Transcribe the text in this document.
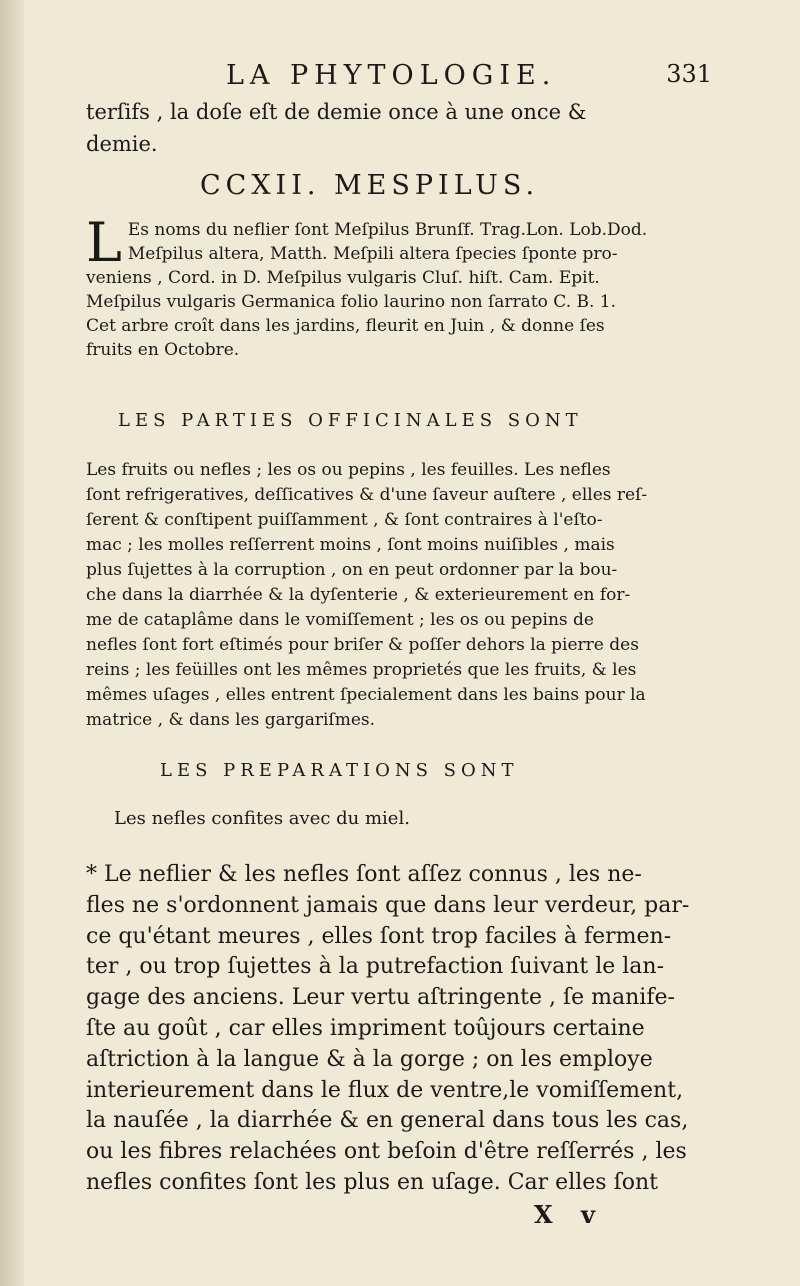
LA PHYTOLOGIE.	331
terſifs , la doſe eſt de demie once à une once &
demie.
CCXII. MESPILUS.
L Es noms du neflier ſont Meſpilus Brunſf. Trag.Lon. Lob.Dod.
Meſpilus altera, Matth. Meſpili altera ſpecies ſponte pro-
veniens , Cord. in D. Meſpilus vulgaris Cluſ. hiſt. Cam. Epit.
Meſpilus vulgaris Germanica folio laurino non ſarrato C. B. 1.
Cet arbre croît dans les jardins, fleurit en Juin , & donne ſes
fruits en Octobre.
LES PARTIES OFFICINALES SONT
Les fruits ou nefles ; les os ou pepins , les feuilles. Les nefles
ſont refrigeratives, deſſicatives & d'une ſaveur auſtere , elles reſ-
ſerent & conſtipent puiſſamment , & ſont contraires à l'eſto-
mac ; les molles reſſerrent moins , ſont moins nuiſibles , mais
plus ſujettes à la corruption , on en peut ordonner par la bou-
che dans la diarrhée & la dyſenterie , & exterieurement en for-
me de cataplâme dans le vomiſſement ; les os ou pepins de
nefles ſont fort eſtimés pour briſer & poſſer dehors la pierre des
reins ; les feüilles ont les mêmes proprietés que les fruits, & les
mêmes uſages , elles entrent ſpecialement dans les bains pour la
matrice , & dans les gargariſmes.
LES PREPARATIONS SONT
Les nefles confites avec du miel.
* Le neflier & les nefles ſont aſſez connus , les ne-
fles ne s'ordonnent jamais que dans leur verdeur, par-
ce qu'étant meures , elles ſont trop faciles à fermen-
ter , ou trop ſujettes à la putrefaction ſuivant le lan-
gage des anciens. Leur vertu aſtringente , ſe manife-
ſte au goût , car elles impriment toûjours certaine
aſtriction à la langue & à la gorge ; on les employe
interieurement dans le flux de ventre,le vomiſſement,
la nauſée , la diarrhée & en general dans tous les cas,
ou les fibres relachées ont beſoin d'être reſſerrés , les
nefles confites ſont les plus en uſage. Car elles ſont
X v
